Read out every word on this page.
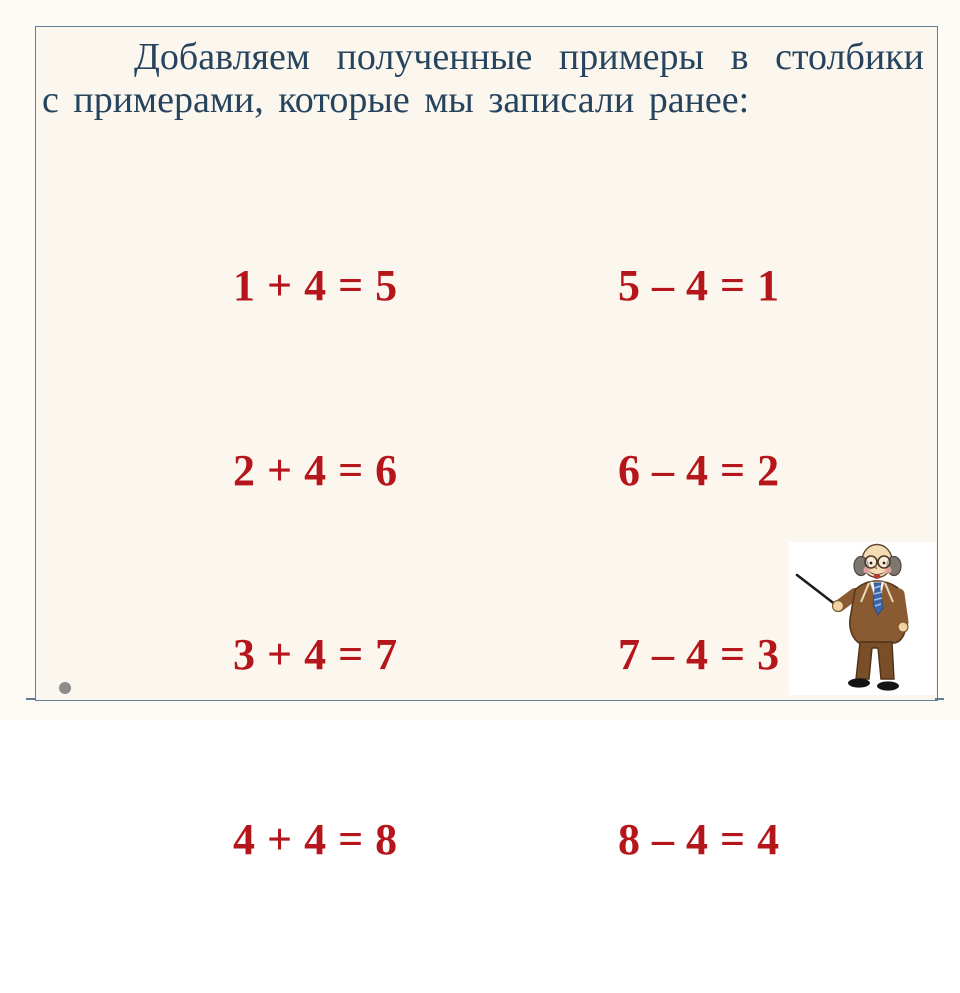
Добавляем полученные примеры в столбики
с примерами, которые мы записали ранее:

1 + 4 = 5

2 + 4 = 6

3 + 4 = 7

4 + 4 = 8

5 – 4 = 1

6 – 4 = 2

7 – 4 = 3

8 – 4 = 4
